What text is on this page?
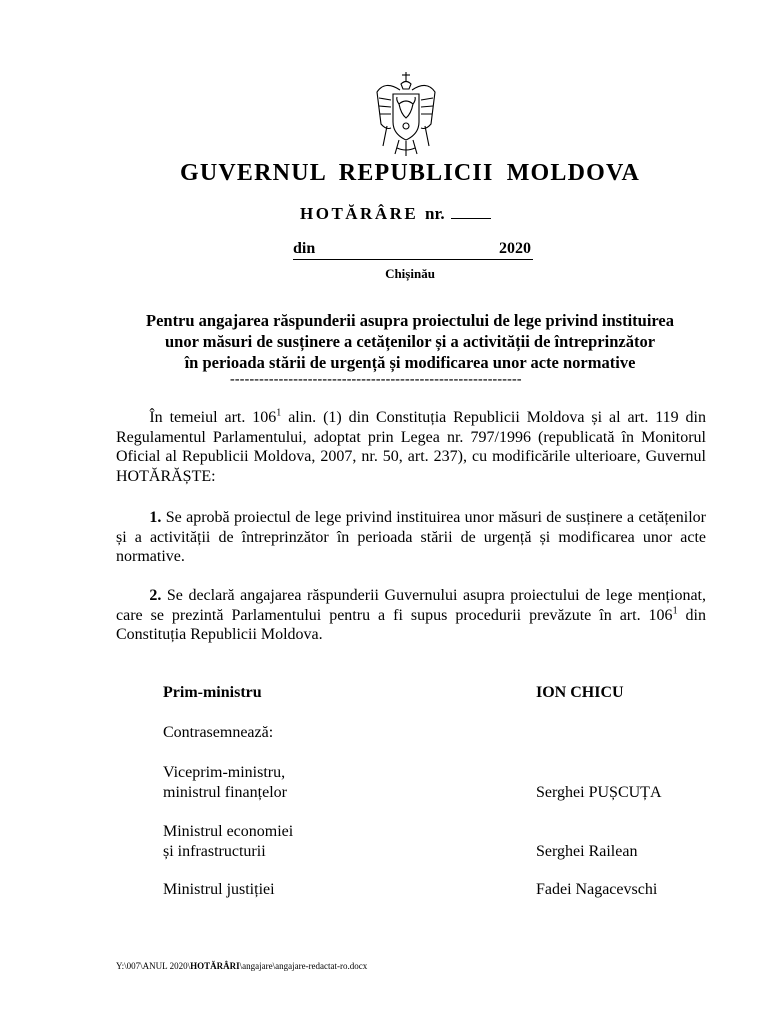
GUVERNUL REPUBLICII MOLDOVA
HOTĂRÂRE nr.
din	2020
Chișinău
Pentru angajarea răspunderii asupra proiectului de lege privind instituirea
unor măsuri de susținere a cetățenilor și a activității de întreprinzător
în perioada stării de urgență și modificarea unor acte normative
------------------------------------------------------------
   În temeiul art. $106^1$ alin. (1) din Constituția Republicii Moldova și al art. 119 din Regulamentul Parlamentului, adoptat prin Legea nr. 797/1996 (republicată în Monitorul Oficial al Republicii Moldova, 2007, nr. 50, art. 237), cu modificările ulterioare, Guvernul HOTĂRĂȘTE:
   1. Se aprobă proiectul de lege privind instituirea unor măsuri de susținere a cetățenilor și a activității de întreprinzător în perioada stării de urgență și modificarea unor acte normative.
   2. Se declară angajarea răspunderii Guvernului asupra proiectului de lege menționat, care se prezintă Parlamentului pentru a fi supus procedurii prevăzute în art. $106^1$ din Constituția Republicii Moldova.
Prim-ministru	ION CHICU
Contrasemnează:
Viceprim-ministru,
ministrul finanțelor	Serghei PUȘCUȚA
Ministrul economiei
și infrastructurii	Serghei Railean
Ministrul justiției	Fadei Nagacevschi
Y:\007\ANUL 2020\HOTĂRÂRI\angajare\angajare-redactat-ro.docx
